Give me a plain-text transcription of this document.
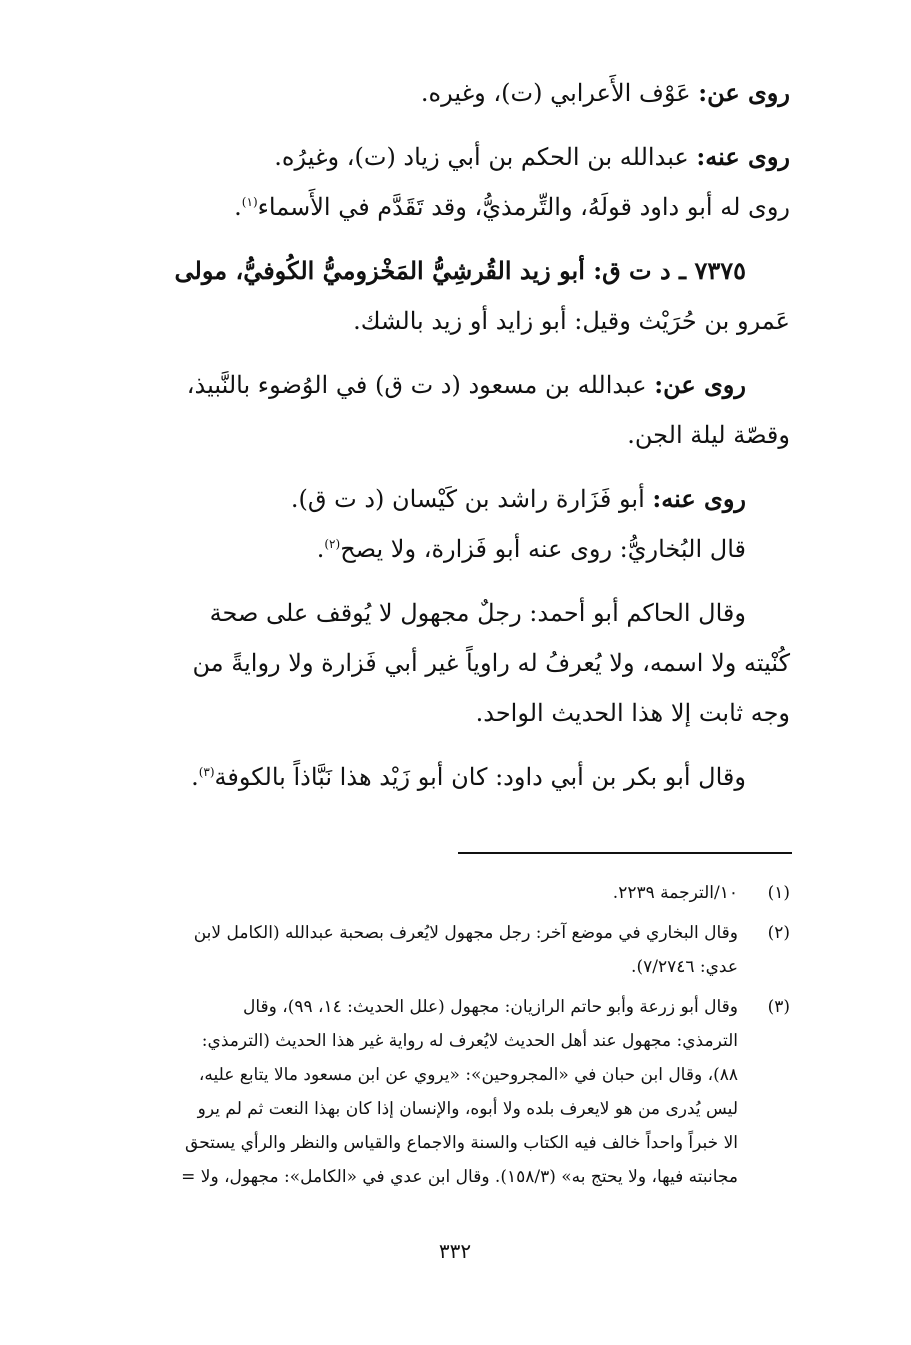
روى عن: عَوْف الأَعرابي (ت)، وغيره.
روى عنه: عبدالله بن الحكم بن أبي زياد (ت)، وغيرُه.
روى له أبو داود قولَهُ، والتِّرمذيُّ، وقد تَقَدَّم في الأَسماء$^{(١)}$.
٧٣٧٥ ـ د ت ق: أبو زيد القُرشِيُّ المَخْزوميُّ الكُوفيُّ، مولى
عَمرو بن حُرَيْث وقيل: أبو زايد أو زيد بالشك.
روى عن: عبدالله بن مسعود (د ت ق) في الوُضوء بالنَّبيذ،
وقصّة ليلة الجن.
روى عنه: أبو فَزَارة راشد بن كَيْسان (د ت ق).
قال البُخاريُّ: روى عنه أبو فَزارة، ولا يصح$^{(٢)}$.
وقال الحاكم أبو أحمد: رجلٌ مجهول لا يُوقف على صحة
كُنْيته ولا اسمه، ولا يُعرفُ له راوياً غير أبي فَزارة ولا روايةً من
وجه ثابت إلا هذا الحديث الواحد.
وقال أبو بكر بن أبي داود: كان أبو زَيْد هذا نَبَّاذاً بالكوفة$^{(٣)}$.
(١)
١٠/الترجمة ٢٢٣٩.
(٢)
وقال البخاري في موضع آخر: رجل مجهول لايُعرف بصحبة عبدالله (الكامل لابن
عدي: ٧/٢٧٤٦).
(٣)
وقال أبو زرعة وأبو حاتم الرازيان: مجهول (علل الحديث: ١٤، ٩٩)، وقال
الترمذي: مجهول عند أهل الحديث لايُعرف له رواية غير هذا الحديث (الترمذي:
٨٨)، وقال ابن حبان في «المجروحين»: «يروي عن ابن مسعود مالا يتابع عليه،
ليس يُدرى من هو لايعرف بلده ولا أبوه، والإنسان إذا كان بهذا النعت ثم لم يرو
الا خبراً واحداً خالف فيه الكتاب والسنة والاجماع والقياس والنظر والرأي يستحق
مجانبته فيها، ولا يحتج به» (١٥٨/٣). وقال ابن عدي في «الكامل»: مجهول، ولا =
٣٣٢
